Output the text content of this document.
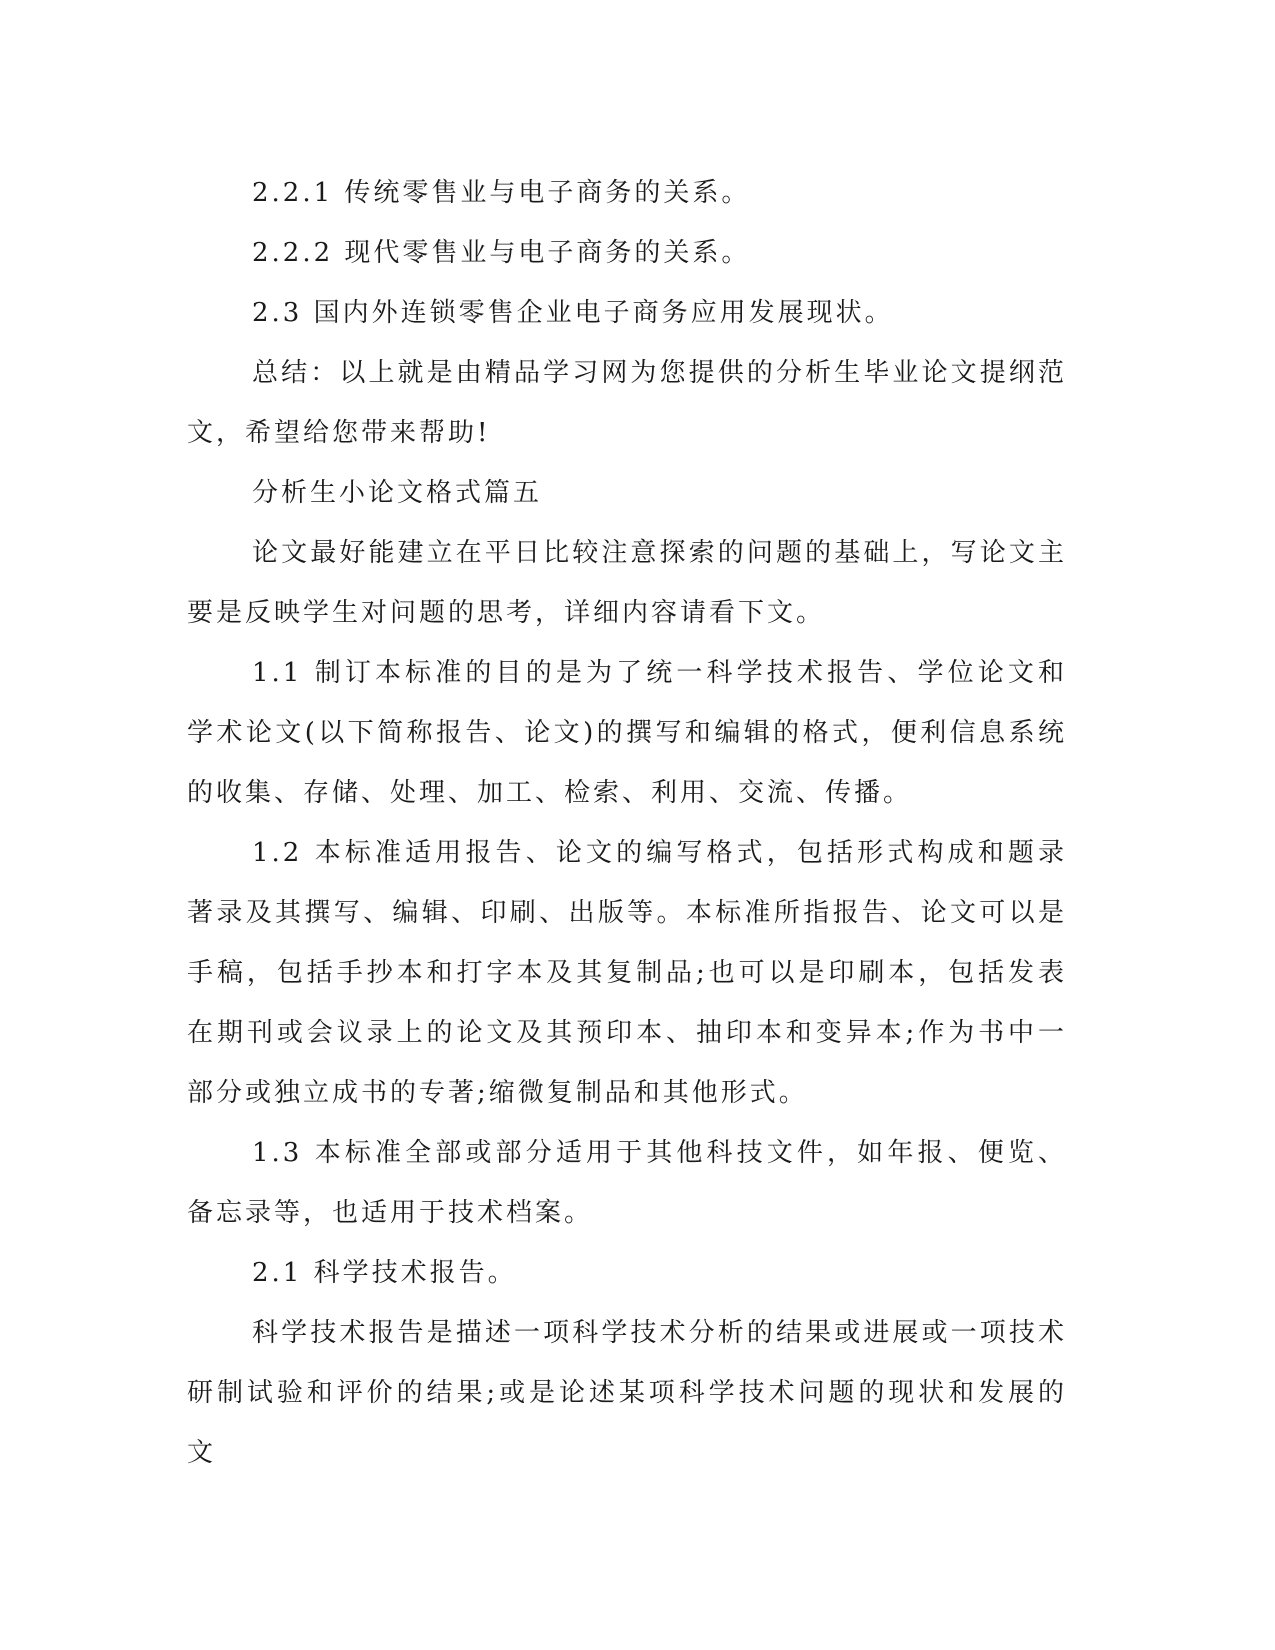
2.2.1 传统零售业与电子商务的关系。

2.2.2 现代零售业与电子商务的关系。

2.3 国内外连锁零售企业电子商务应用发展现状。

总结：以上就是由精品学习网为您提供的分析生毕业论文提纲范文，希望给您带来帮助!

分析生小论文格式篇五

论文最好能建立在平日比较注意探索的问题的基础上，写论文主要是反映学生对问题的思考，详细内容请看下文。

1.1 制订本标准的目的是为了统一科学技术报告、学位论文和学术论文(以下简称报告、论文)的撰写和编辑的格式，便利信息系统的收集、存储、处理、加工、检索、利用、交流、传播。

1.2 本标准适用报告、论文的编写格式，包括形式构成和题录著录及其撰写、编辑、印刷、出版等。本标准所指报告、论文可以是手稿，包括手抄本和打字本及其复制品;也可以是印刷本，包括发表在期刊或会议录上的论文及其预印本、抽印本和变异本;作为书中一部分或独立成书的专著;缩微复制品和其他形式。

1.3 本标准全部或部分适用于其他科技文件，如年报、便览、备忘录等，也适用于技术档案。

2.1 科学技术报告。

科学技术报告是描述一项科学技术分析的结果或进展或一项技术研制试验和评价的结果;或是论述某项科学技术问题的现状和发展的文
